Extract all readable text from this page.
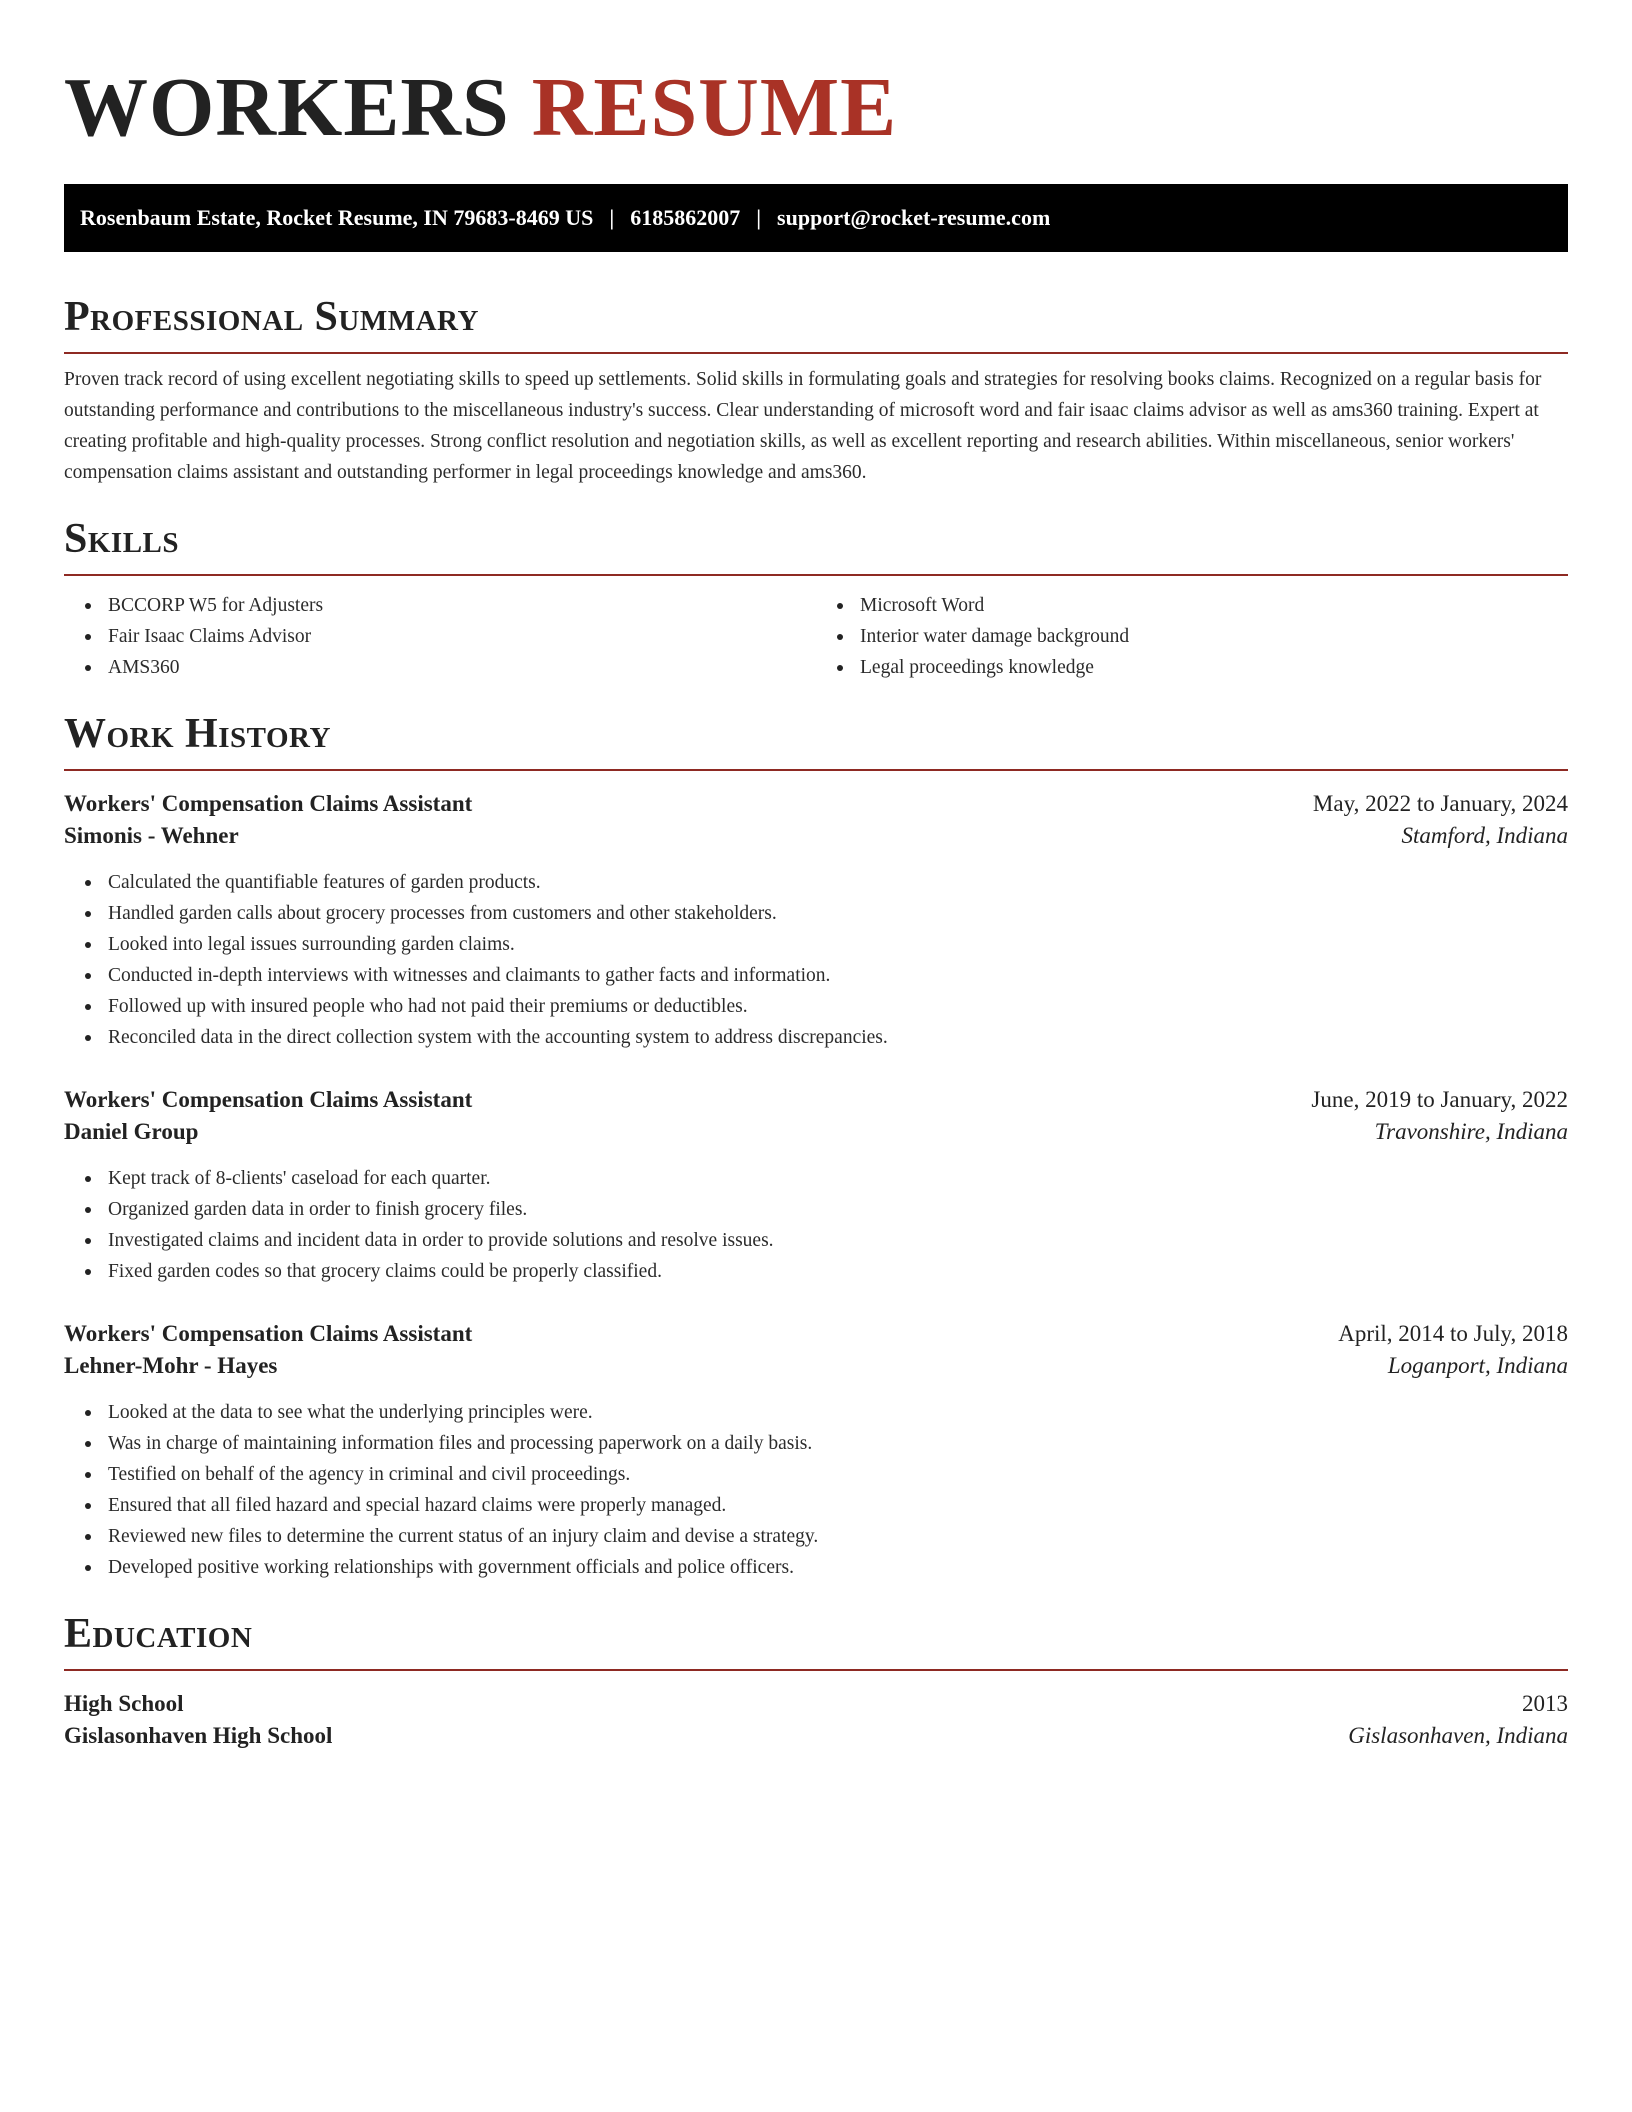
WORKERS RESUME
Rosenbaum Estate, Rocket Resume, IN 79683-8469 US | 6185862007 | support@rocket-resume.com
Professional Summary

Proven track record of using excellent negotiating skills to speed up settlements. Solid skills in formulating goals and strategies for resolving books claims. Recognized on a regular basis for outstanding performance and contributions to the miscellaneous industry's success. Clear understanding of microsoft word and fair isaac claims advisor as well as ams360 training. Expert at creating profitable and high-quality processes. Strong conflict resolution and negotiation skills, as well as excellent reporting and research abilities. Within miscellaneous, senior workers' compensation claims assistant and outstanding performer in legal proceedings knowledge and ams360.

Skills
BCCORP W5 for Adjusters
Fair Isaac Claims Advisor
AMS360
Microsoft Word
Interior water damage background
Legal proceedings knowledge
Work History
Workers' Compensation Claims Assistant	May, 2022 to January, 2024
Simonis - Wehner	Stamford, Indiana
Calculated the quantifiable features of garden products.
Handled garden calls about grocery processes from customers and other stakeholders.
Looked into legal issues surrounding garden claims.
Conducted in-depth interviews with witnesses and claimants to gather facts and information.
Followed up with insured people who had not paid their premiums or deductibles.
Reconciled data in the direct collection system with the accounting system to address discrepancies.
Workers' Compensation Claims Assistant	June, 2019 to January, 2022
Daniel Group	Travonshire, Indiana
Kept track of 8-clients' caseload for each quarter.
Organized garden data in order to finish grocery files.
Investigated claims and incident data in order to provide solutions and resolve issues.
Fixed garden codes so that grocery claims could be properly classified.
Workers' Compensation Claims Assistant	April, 2014 to July, 2018
Lehner-Mohr - Hayes	Loganport, Indiana
Looked at the data to see what the underlying principles were.
Was in charge of maintaining information files and processing paperwork on a daily basis.
Testified on behalf of the agency in criminal and civil proceedings.
Ensured that all filed hazard and special hazard claims were properly managed.
Reviewed new files to determine the current status of an injury claim and devise a strategy.
Developed positive working relationships with government officials and police officers.
Education
High School	2013
Gislasonhaven High School	Gislasonhaven, Indiana
